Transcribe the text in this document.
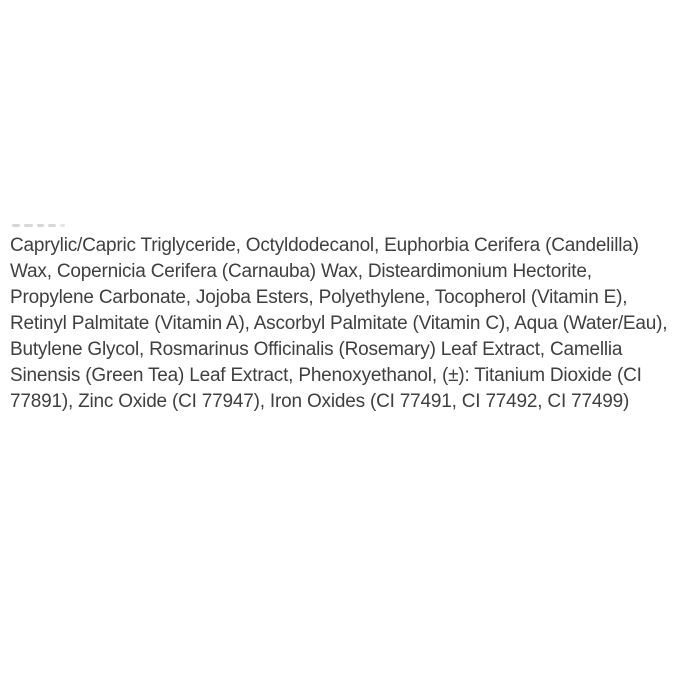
Caprylic/Capric Triglyceride, Octyldodecanol, Euphorbia Cerifera (Candelilla)
Wax, Copernicia Cerifera (Carnauba) Wax, Disteardimonium Hectorite,
Propylene Carbonate, Jojoba Esters, Polyethylene, Tocopherol (Vitamin E),
Retinyl Palmitate (Vitamin A), Ascorbyl Palmitate (Vitamin C), Aqua (Water/Eau),
Butylene Glycol, Rosmarinus Officinalis (Rosemary) Leaf Extract, Camellia
Sinensis (Green Tea) Leaf Extract, Phenoxyethanol, (±): Titanium Dioxide (CI
77891), Zinc Oxide (CI 77947), Iron Oxides (CI 77491, CI 77492, CI 77499)
